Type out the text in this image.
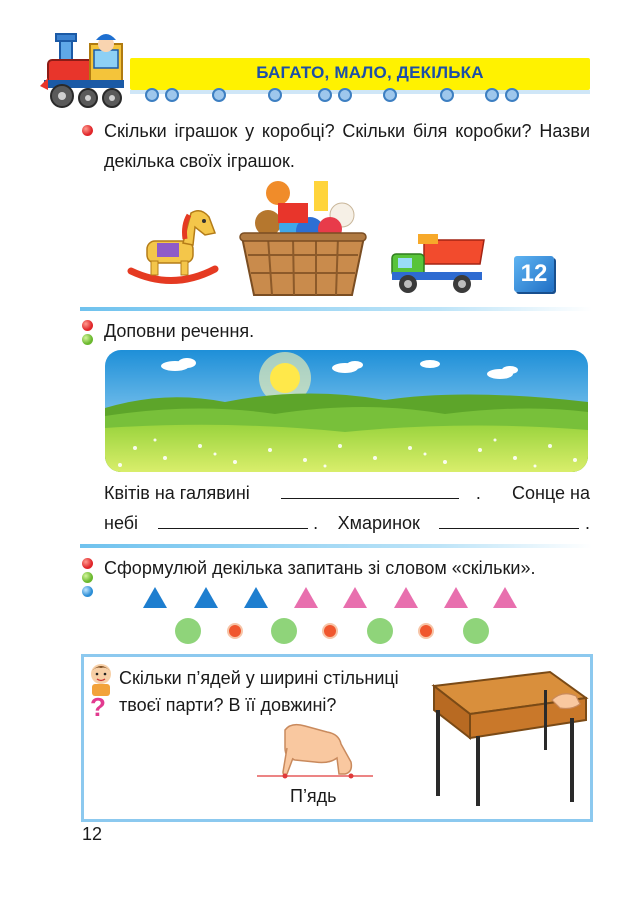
БАГАТО, МАЛО, ДЕКІЛЬКА
Скільки іграшок у коробці? Скільки біля коробки? Назви декілька своїх іграшок.
12
Доповни речення.
Квітів на галявині	. Сонце на
небі	. Хмаринок	.
Сформулюй декілька запитань зі словом «скільки».
?
Скільки п’ядей у ширині стільниці
твоєї парти? В її довжині?
П’ядь
12
